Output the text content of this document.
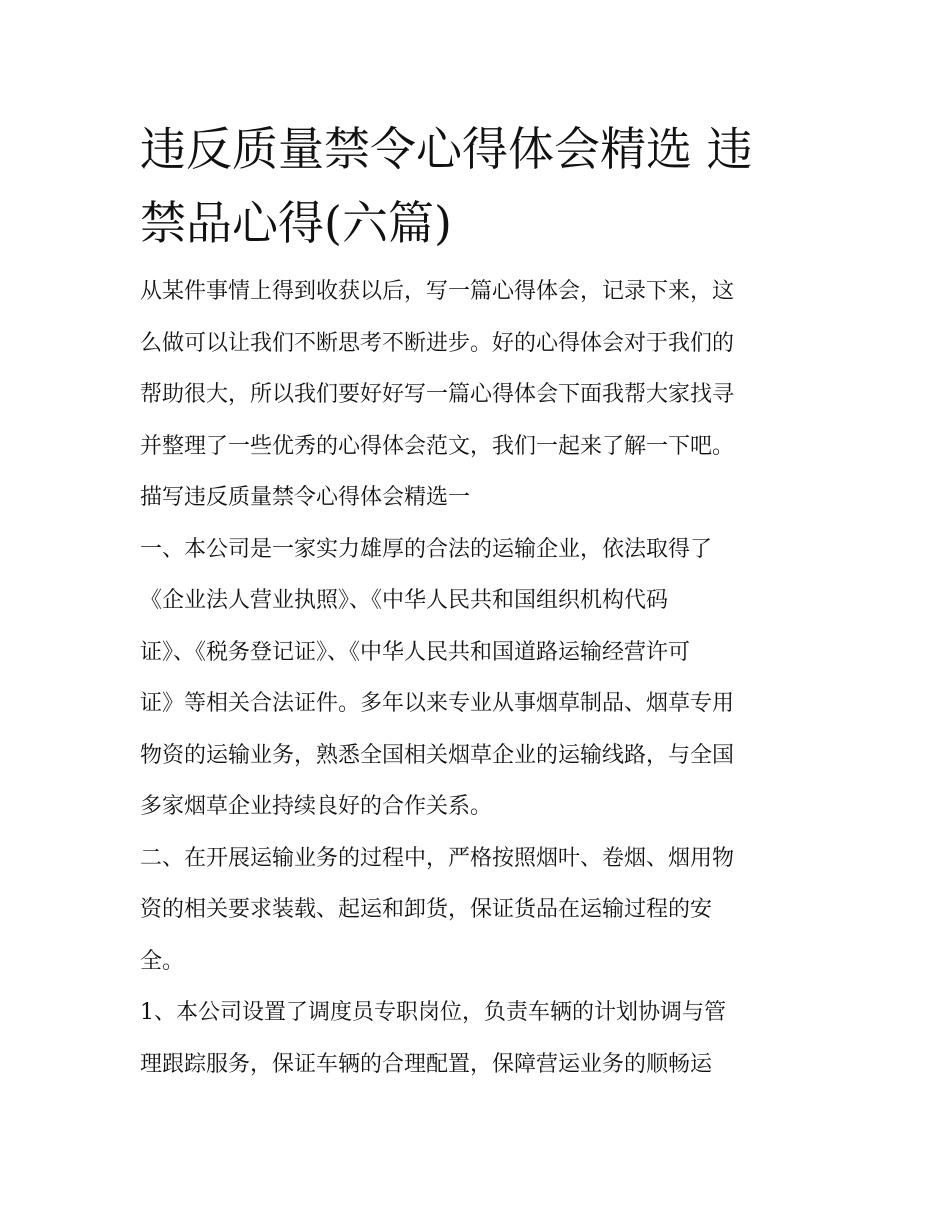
违反质量禁令心得体会精选 违
禁品心得(六篇)
从某件事情上得到收获以后，写一篇心得体会，记录下来，这
么做可以让我们不断思考不断进步。好的心得体会对于我们的
帮助很大，所以我们要好好写一篇心得体会下面我帮大家找寻
并整理了一些优秀的心得体会范文，我们一起来了解一下吧。
描写违反质量禁令心得体会精选一
一、本公司是一家实力雄厚的合法的运输企业，依法取得了
《企业法人营业执照》、《中华人民共和国组织机构代码
证》、《税务登记证》、《中华人民共和国道路运输经营许可
证》等相关合法证件。多年以来专业从事烟草制品、烟草专用
物资的运输业务，熟悉全国相关烟草企业的运输线路，与全国
多家烟草企业持续良好的合作关系。
二、在开展运输业务的过程中，严格按照烟叶、卷烟、烟用物
资的相关要求装载、起运和卸货，保证货品在运输过程的安
全。
1、本公司设置了调度员专职岗位，负责车辆的计划协调与管
理跟踪服务，保证车辆的合理配置，保障营运业务的顺畅运
